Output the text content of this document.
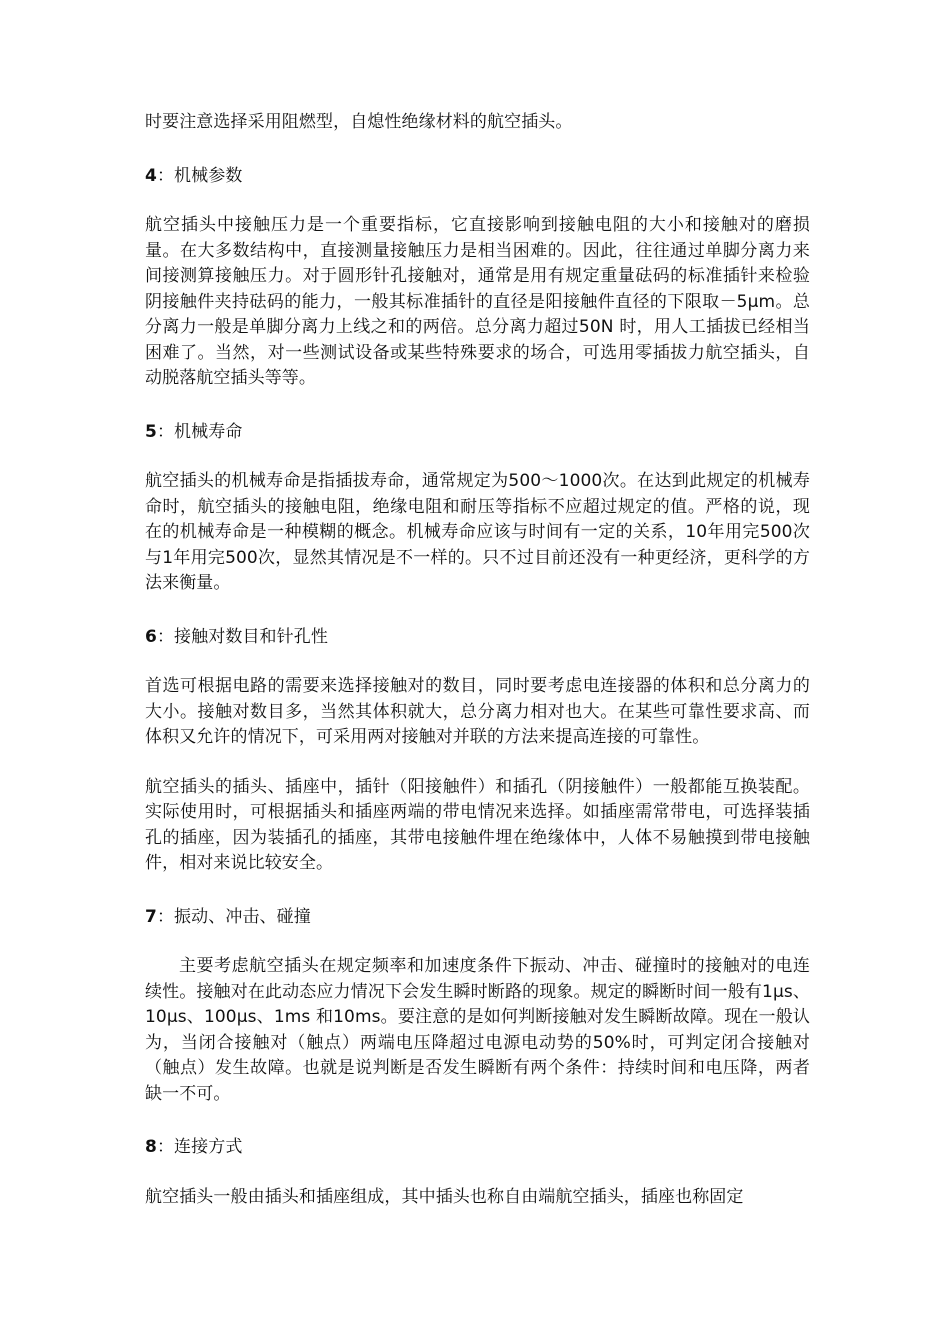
时要注意选择采用阻燃型，自熄性绝缘材料的航空插头。

4：机械参数

航空插头中接触压力是一个重要指标，它直接影响到接触电阻的大小和接触对的磨损量。在大多数结构中，直接测量接触压力是相当困难的。因此，往往通过单脚分离力来间接测算接触压力。对于圆形针孔接触对，通常是用有规定重量砝码的标准插针来检验阴接触件夹持砝码的能力，一般其标准插针的直径是阳接触件直径的下限取－5μm。总分离力一般是单脚分离力上线之和的两倍。总分离力超过50N 时，用人工插拔已经相当困难了。当然，对一些测试设备或某些特殊要求的场合，可选用零插拔力航空插头，自动脱落航空插头等等。

5：机械寿命

航空插头的机械寿命是指插拔寿命，通常规定为500～1000次。在达到此规定的机械寿命时，航空插头的接触电阻，绝缘电阻和耐压等指标不应超过规定的值。严格的说，现在的机械寿命是一种模糊的概念。机械寿命应该与时间有一定的关系，10年用完500次与1年用完500次，显然其情况是不一样的。只不过目前还没有一种更经济，更科学的方法来衡量。

6：接触对数目和针孔性

首选可根据电路的需要来选择接触对的数目，同时要考虑电连接器的体积和总分离力的大小。接触对数目多，当然其体积就大，总分离力相对也大。在某些可靠性要求高、而体积又允许的情况下，可采用两对接触对并联的方法来提高连接的可靠性。

航空插头的插头、插座中，插针（阳接触件）和插孔（阴接触件）一般都能互换装配。实际使用时，可根据插头和插座两端的带电情况来选择。如插座需常带电，可选择装插孔的插座，因为装插孔的插座，其带电接触件埋在绝缘体中，人体不易触摸到带电接触件，相对来说比较安全。

7：振动、冲击、碰撞

主要考虑航空插头在规定频率和加速度条件下振动、冲击、碰撞时的接触对的电连续性。接触对在此动态应力情况下会发生瞬时断路的现象。规定的瞬断时间一般有1μs、10μs、100μs、1ms 和10ms。要注意的是如何判断接触对发生瞬断故障。现在一般认为，当闭合接触对（触点）两端电压降超过电源电动势的50%时，可判定闭合接触对（触点）发生故障。也就是说判断是否发生瞬断有两个条件：持续时间和电压降，两者缺一不可。

8：连接方式

航空插头一般由插头和插座组成，其中插头也称自由端航空插头，插座也称固定
